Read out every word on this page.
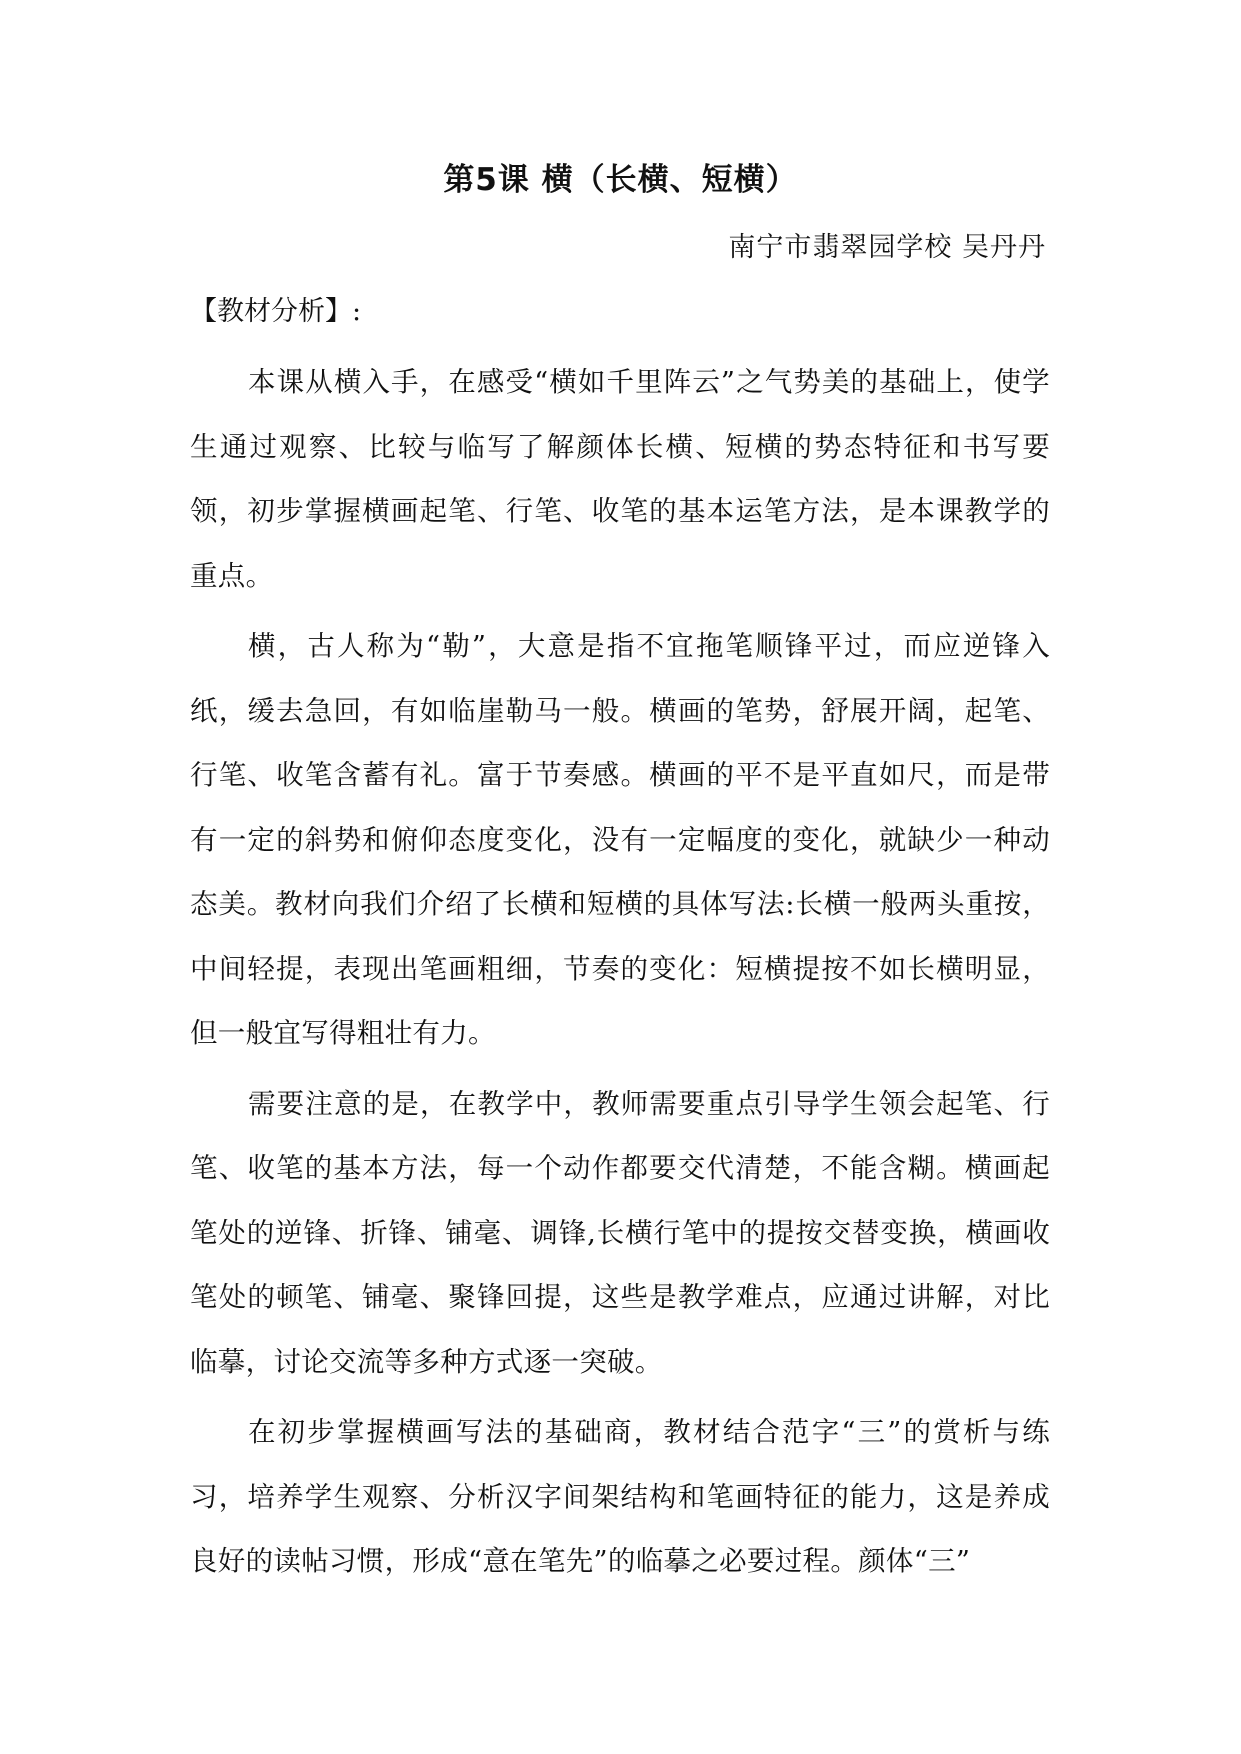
第5课 横（长横、短横）
南宁市翡翠园学校 吴丹丹
【教材分析】:

本课从横入手，在感受“横如千里阵云”之气势美的基础上，使学生通过观察、比较与临写了解颜体长横、短横的势态特征和书写要领，初步掌握横画起笔、行笔、收笔的基本运笔方法，是本课教学的重点。

横，古人称为“勒”，大意是指不宜拖笔顺锋平过，而应逆锋入纸，缓去急回，有如临崖勒马一般。横画的笔势，舒展开阔，起笔、行笔、收笔含蓄有礼。富于节奏感。横画的平不是平直如尺，而是带有一定的斜势和俯仰态度变化，没有一定幅度的变化，就缺少一种动态美。教材向我们介绍了长横和短横的具体写法:长横一般两头重按，中间轻提，表现出笔画粗细，节奏的变化：短横提按不如长横明显，但一般宜写得粗壮有力。

需要注意的是，在教学中，教师需要重点引导学生领会起笔、行笔、收笔的基本方法，每一个动作都要交代清楚，不能含糊。横画起笔处的逆锋、折锋、铺毫、调锋,长横行笔中的提按交替变换，横画收笔处的顿笔、铺毫、聚锋回提，这些是教学难点，应通过讲解，对比临摹，讨论交流等多种方式逐一突破。

在初步掌握横画写法的基础商，教材结合范字“三”的赏析与练习，培养学生观察、分析汉字间架结构和笔画特征的能力，这是养成良好的读帖习惯，形成“意在笔先”的临摹之必要过程。颜体“三”
